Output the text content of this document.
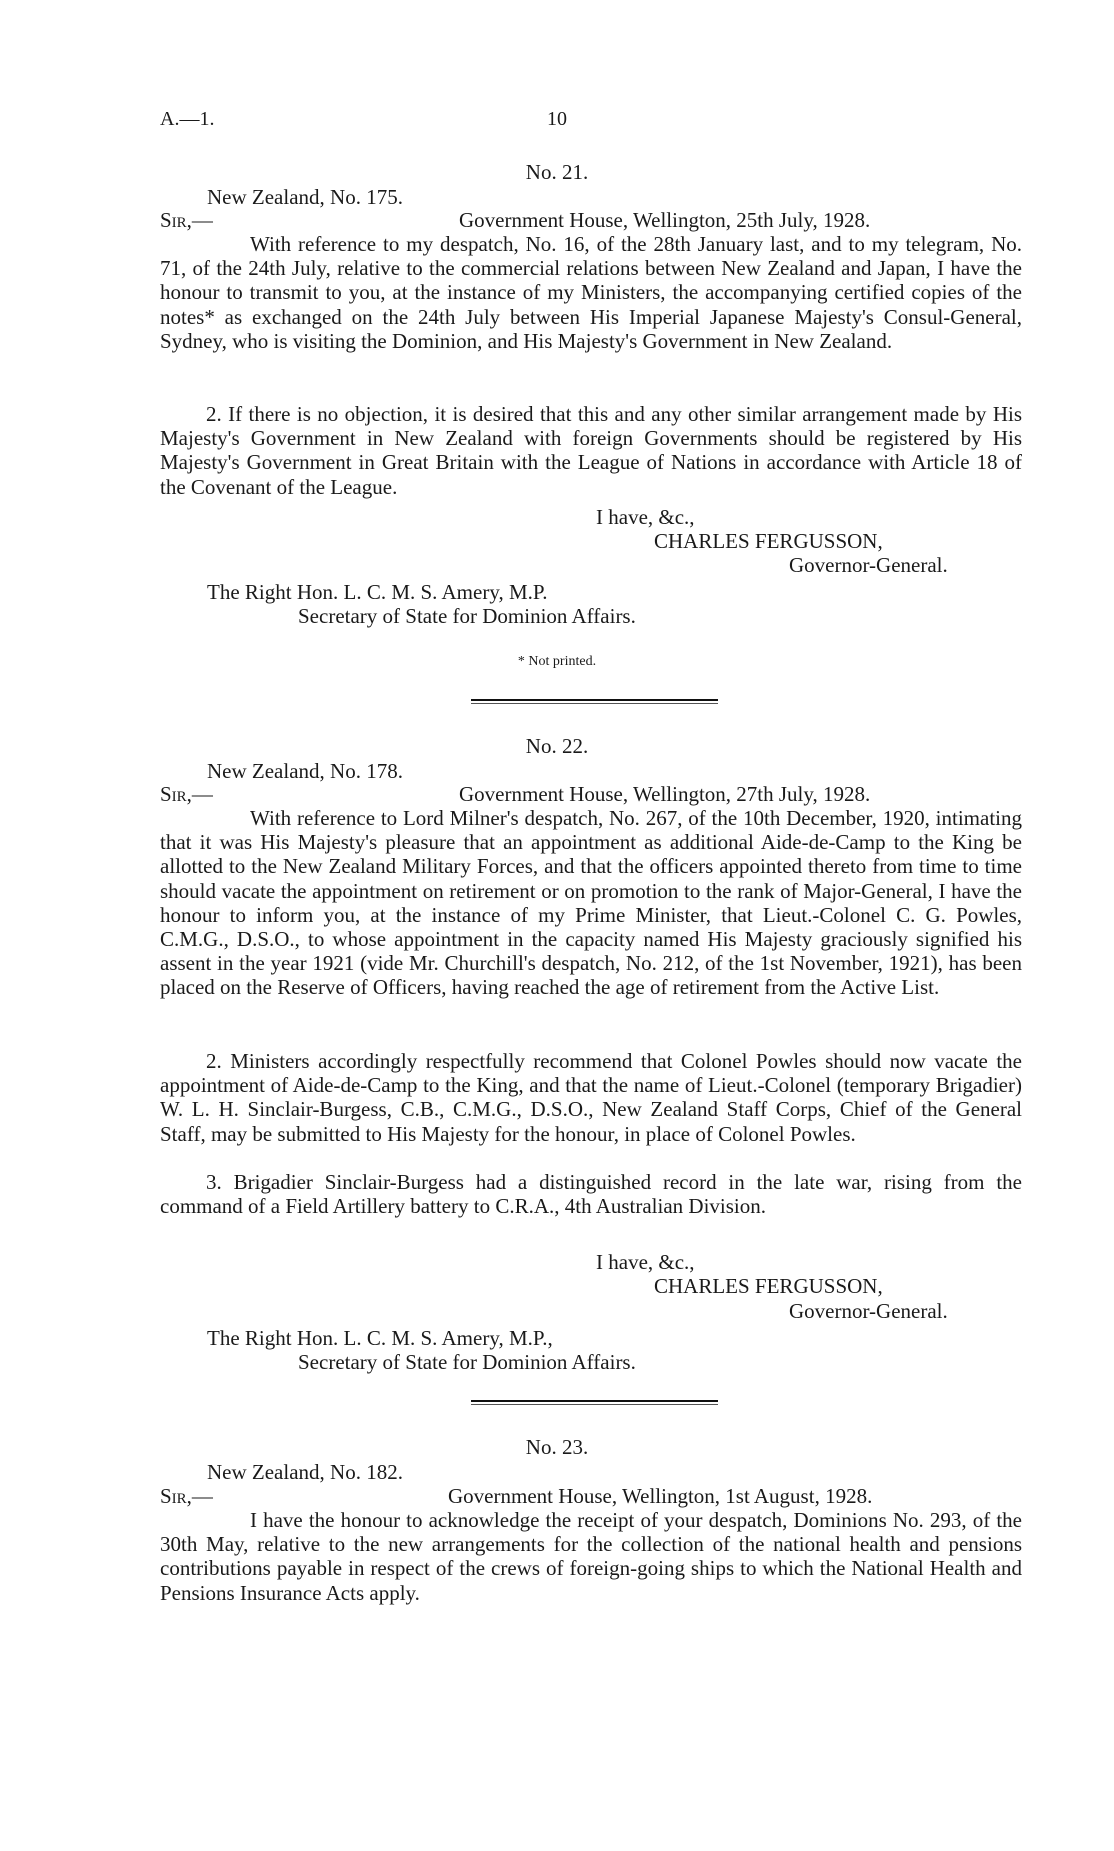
A.—1.	10
No. 21.
New Zealand, No. 175.
Sir,—	Government House, Wellington, 25th July, 1928.

With reference to my despatch, No. 16, of the 28th January last, and to my telegram, No. 71, of the 24th July, relative to the commercial relations between New Zealand and Japan, I have the honour to transmit to you, at the instance of my Ministers, the accompanying certified copies of the notes* as exchanged on the 24th July between His Imperial Japanese Majesty's Consul-General, Sydney, who is visiting the Dominion, and His Majesty's Government in New Zealand.

2. If there is no objection, it is desired that this and any other similar arrangement made by His Majesty's Government in New Zealand with foreign Governments should be registered by His Majesty's Government in Great Britain with the League of Nations in accordance with Article 18 of the Covenant of the League.

I have, &c.,
CHARLES FERGUSSON,
Governor-General.
The Right Hon. L. C. M. S. Amery, M.P.
Secretary of State for Dominion Affairs.
* Not printed.
No. 22.
New Zealand, No. 178.
Sir,—	Government House, Wellington, 27th July, 1928.

With reference to Lord Milner's despatch, No. 267, of the 10th December, 1920, intimating that it was His Majesty's pleasure that an appointment as additional Aide-de-Camp to the King be allotted to the New Zealand Military Forces, and that the officers appointed thereto from time to time should vacate the appointment on retirement or on promotion to the rank of Major-General, I have the honour to inform you, at the instance of my Prime Minister, that Lieut.-Colonel C. G. Powles, C.M.G., D.S.O., to whose appointment in the capacity named His Majesty graciously signified his assent in the year 1921 (vide Mr. Churchill's despatch, No. 212, of the 1st November, 1921), has been placed on the Reserve of Officers, having reached the age of retirement from the Active List.

2. Ministers accordingly respectfully recommend that Colonel Powles should now vacate the appointment of Aide-de-Camp to the King, and that the name of Lieut.-Colonel (temporary Brigadier) W. L. H. Sinclair-Burgess, C.B., C.M.G., D.S.O., New Zealand Staff Corps, Chief of the General Staff, may be submitted to His Majesty for the honour, in place of Colonel Powles.

3. Brigadier Sinclair-Burgess had a distinguished record in the late war, rising from the command of a Field Artillery battery to C.R.A., 4th Australian Division.

I have, &c.,
CHARLES FERGUSSON,
Governor-General.
The Right Hon. L. C. M. S. Amery, M.P.,
Secretary of State for Dominion Affairs.
No. 23.
New Zealand, No. 182.
Sir,—	Government House, Wellington, 1st August, 1928.

I have the honour to acknowledge the receipt of your despatch, Dominions No. 293, of the 30th May, relative to the new arrangements for the collection of the national health and pensions contributions payable in respect of the crews of foreign-going ships to which the National Health and Pensions Insurance Acts apply.
